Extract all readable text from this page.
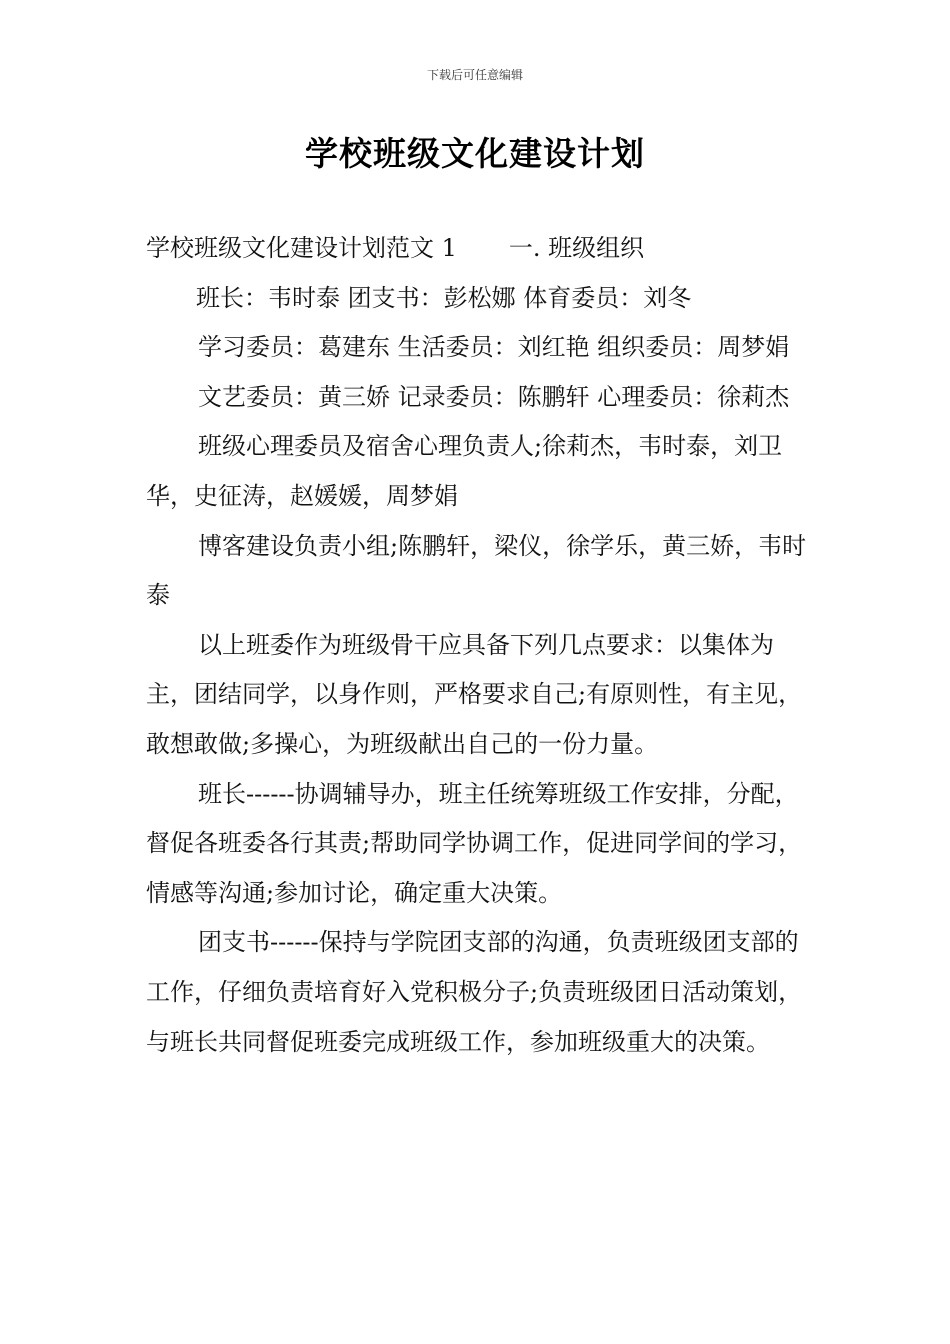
下载后可任意编辑
学校班级文化建设计划

学校班级文化建设计划范文 1 一. 班级组织

班长：韦时泰 团支书：彭松娜 体育委员：刘冬

学习委员：葛建东 生活委员：刘红艳 组织委员：周梦娟

文艺委员：黄三娇 记录委员：陈鹏轩 心理委员：徐莉杰

班级心理委员及宿舍心理负责人;徐莉杰，韦时泰，刘卫华，史征涛，赵媛媛，周梦娟

博客建设负责小组;陈鹏轩，梁仪，徐学乐，黄三娇，韦时泰

以上班委作为班级骨干应具备下列几点要求：以集体为主，团结同学，以身作则，严格要求自己;有原则性，有主见，敢想敢做;多操心，为班级献出自己的一份力量。

班长------协调辅导办，班主任统筹班级工作安排，分配，督促各班委各行其责;帮助同学协调工作，促进同学间的学习，情感等沟通;参加讨论，确定重大决策。

团支书------保持与学院团支部的沟通，负责班级团支部的工作，仔细负责培育好入党积极分子;负责班级团日活动策划，与班长共同督促班委完成班级工作，参加班级重大的决策。
